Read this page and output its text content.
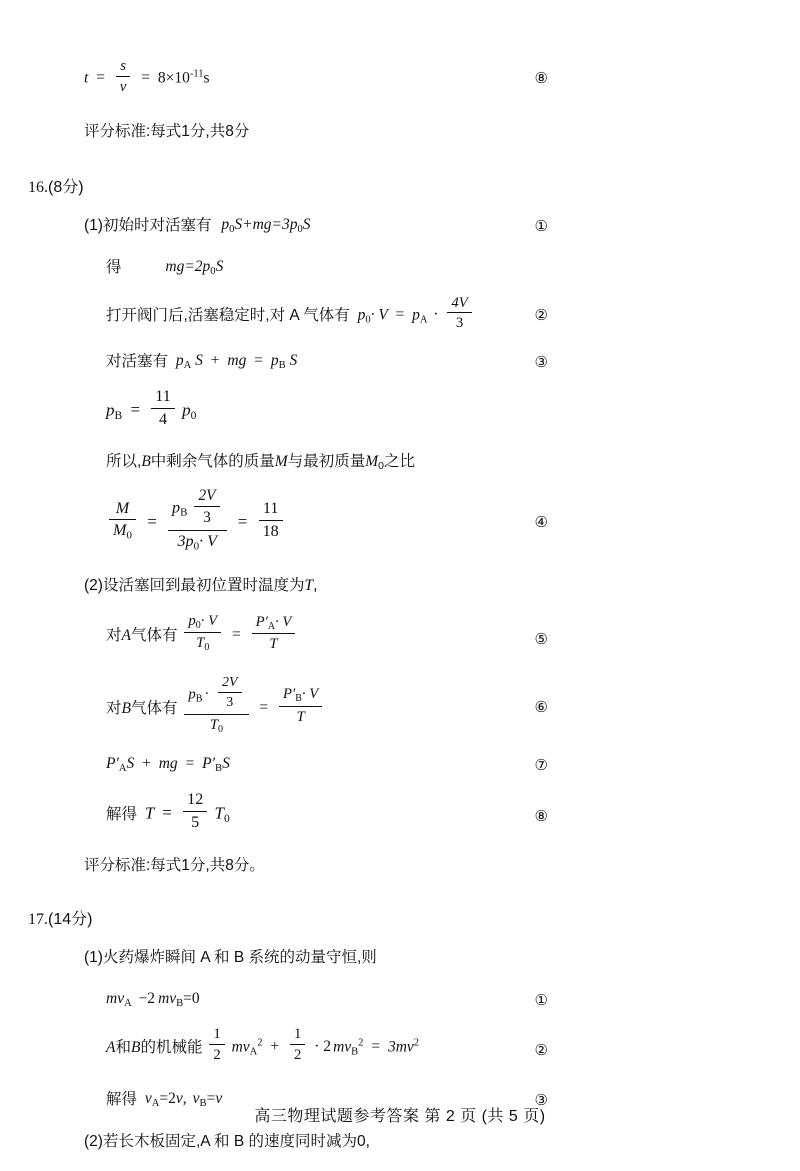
$t = \frac{s}{v} = 8\times 10^{-11}s$	⑧
评分标准:每式1分,共8分
16.(8分)
(1)初始时对活塞有 $p_0S+mg=3p_0S$	①
得	$mg=2p_0S$
打开阀门后,活塞稳定时,对 A 气体有 $p_0\cdot V = p_A \cdot \frac{4V}{3}$	②
对活塞有 $p_A$ S + mg = $p_B$ S	③
$p_B = \frac{11}{4} p_0$
所以,B中剩余气体的质量M与最初质量$M_0$之比
$\frac{M}{M_0} = \frac{p_B \frac{2V}{3}}{3p_0\cdot V} = \frac{11}{18}$	④
(2)设活塞回到最初位置时温度为T,
对A气体有 $\frac{p_0\cdot V}{T_0} = \frac{P'_A\cdot V}{T}$	⑤
对B气体有 $\frac{p_B \cdot \frac{2V}{3}}{T_0} = \frac{P'_B\cdot V}{T}$	⑥
$P'_AS$ + mg = $P'_BS$	⑦
解得 $T = \frac{12}{5} T_0$	⑧
评分标准:每式1分,共8分。
17.(14分)
(1)火药爆炸瞬间 A 和 B 系统的动量守恒,则
$mv_A -2$ $mv_B=0$	①
A和B的机械能 $\frac{1}{2} mv_A^2 + \frac{1}{2} \cdot 2$ $mv_B^2 = 3mv^2$	②
解得 $v_A=2v$, $v_B=v$	③
(2)若长木板固定,A 和 B 的速度同时减为0,
高三物理试题参考答案 第 2 页 (共 5 页)
